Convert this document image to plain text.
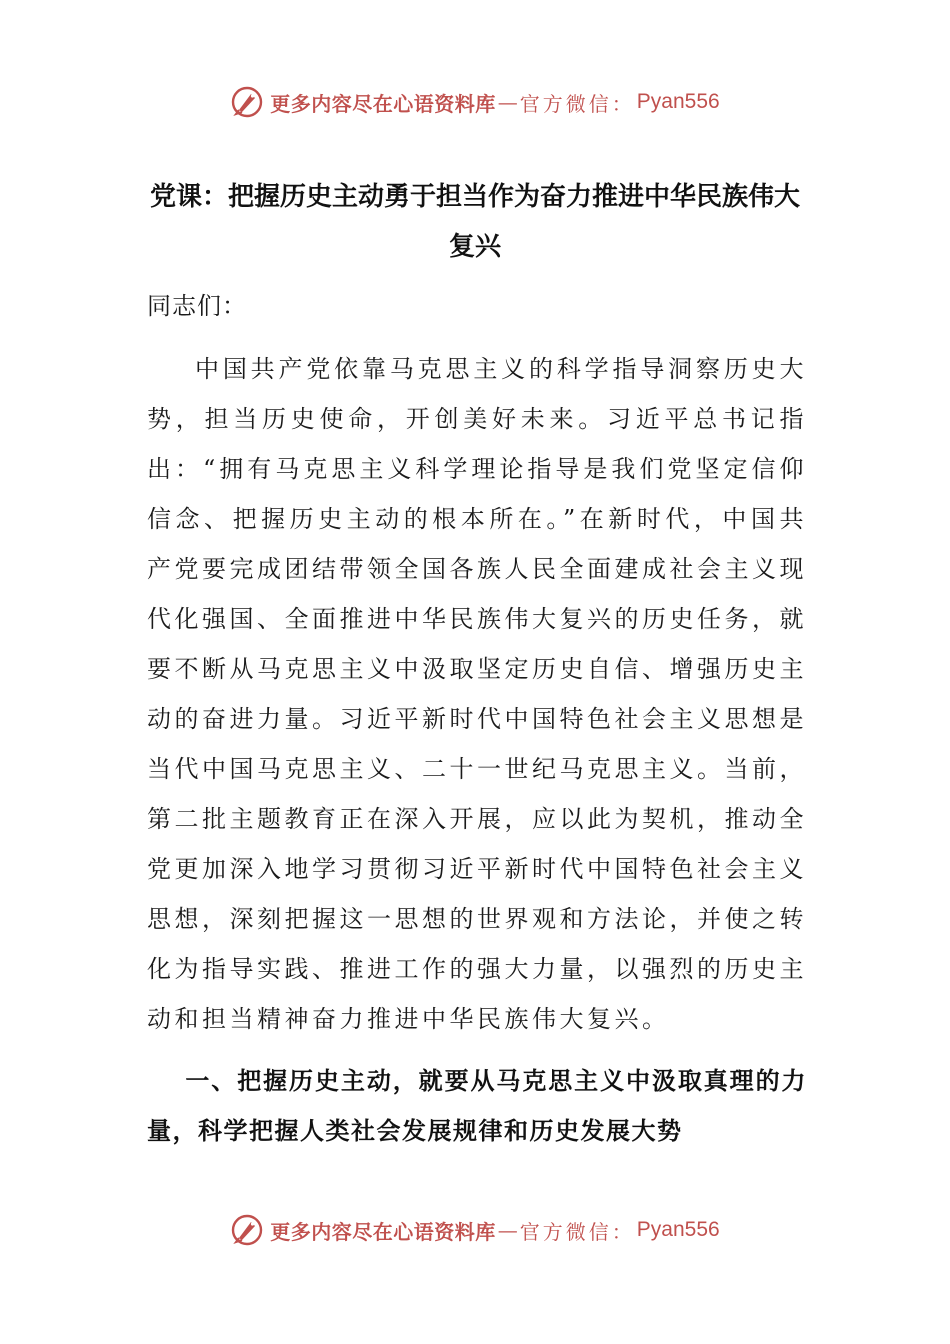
更多内容尽在心语资料库 — 官方微信： Pyan556
党课：把握历史主动勇于担当作为奋力推进中华民族伟大复兴
同志们：

中国共产党依靠马克思主义的科学指导洞察历史大势，担当历史使命，开创美好未来。习近平总书记指出：“拥有马克思主义科学理论指导是我们党坚定信仰信念、把握历史主动的根本所在。”在新时代，中国共产党要完成团结带领全国各族人民全面建成社会主义现代化强国、全面推进中华民族伟大复兴的历史任务，就要不断从马克思主义中汲取坚定历史自信、增强历史主动的奋进力量。习近平新时代中国特色社会主义思想是当代中国马克思主义、二十一世纪马克思主义。当前，第二批主题教育正在深入开展，应以此为契机，推动全党更加深入地学习贯彻习近平新时代中国特色社会主义思想，深刻把握这一思想的世界观和方法论，并使之转化为指导实践、推进工作的强大力量，以强烈的历史主动和担当精神奋力推进中华民族伟大复兴。

一、把握历史主动，就要从马克思主义中汲取真理的力量，科学把握人类社会发展规律和历史发展大势

更多内容尽在心语资料库 — 官方微信： Pyan556
